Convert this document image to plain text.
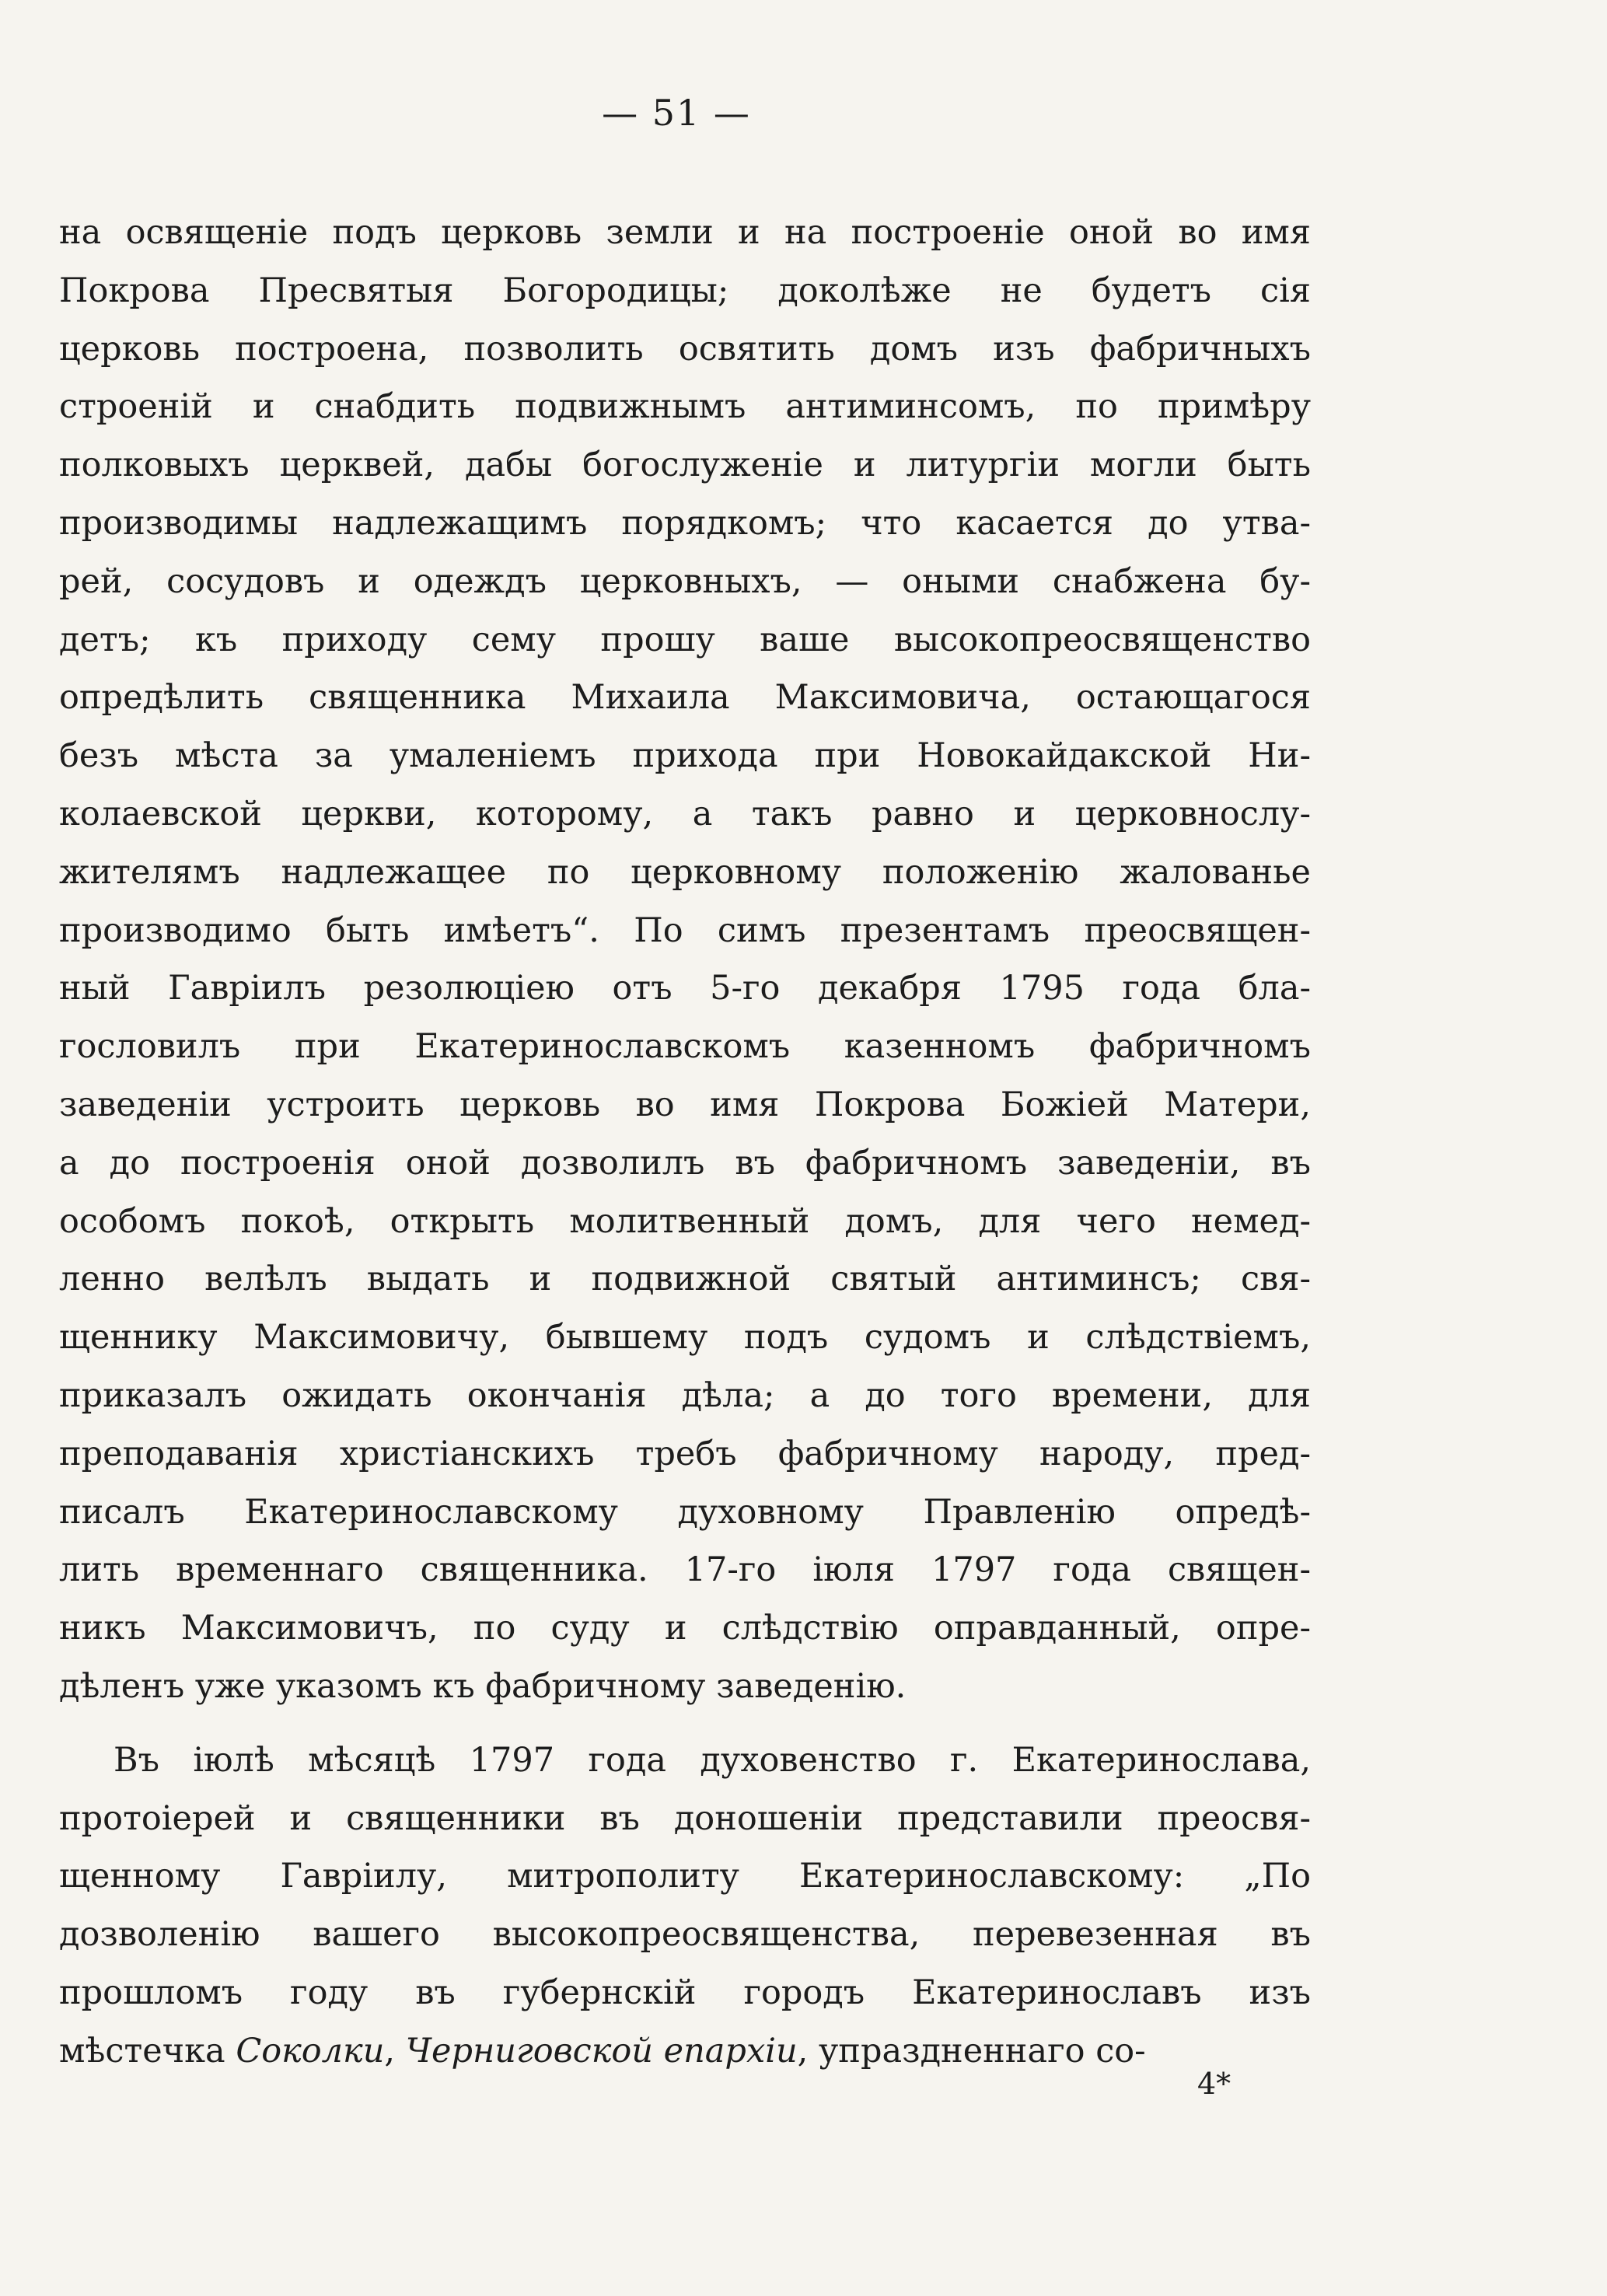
— 51 —
на освященіе подъ церковь земли и на построеніе оной во имя
Покрова Пресвятыя Богородицы; доколѣже не будетъ сія
церковь построена, позволить освятить домъ изъ фабричныхъ
строеній и снабдить подвижнымъ антиминсомъ, по примѣру
полковыхъ церквей, дабы богослуженіе и литургіи могли быть
производимы надлежащимъ порядкомъ; что касается до утва-
рей, сосудовъ и одеждъ церковныхъ, — оными снабжена бу-
детъ; къ приходу сему прошу ваше высокопреосвященство
опредѣлить священника Михаила Максимовича, остающагося
безъ мѣста за умаленіемъ прихода при Новокайдакской Ни-
колаевской церкви, которому, а такъ равно и церковнослу-
жителямъ надлежащее по церковному положенію жалованье
производимо быть имѣетъ“. По симъ презентамъ преосвящен-
ный Гавріилъ резолюціею отъ 5-го декабря 1795 года бла-
гословилъ при Екатеринославскомъ казенномъ фабричномъ
заведеніи устроить церковь во имя Покрова Божіей Матери,
а до построенія оной дозволилъ въ фабричномъ заведеніи, въ
особомъ покоѣ, открыть молитвенный домъ, для чего немед-
ленно велѣлъ выдать и подвижной святый антиминсъ; свя-
щеннику Максимовичу, бывшему подъ судомъ и слѣдствіемъ,
приказалъ ожидать окончанія дѣла; а до того времени, для
преподаванія христіанскихъ требъ фабричному народу, пред-
писалъ Екатеринославскому духовному Правленію опредѣ-
лить временнаго священника. 17-го іюля 1797 года священ-
никъ Максимовичъ, по суду и слѣдствію оправданный, опре-
дѣленъ уже указомъ къ фабричному заведенію.
Въ іюлѣ мѣсяцѣ 1797 года духовенство г. Екатеринослава,
протоіерей и священники въ доношеніи представили преосвя-
щенному Гавріилу, митрополиту Екатеринославскому: „По
дозволенію вашего высокопреосвященства, перевезенная въ
прошломъ году въ губернскій городъ Екатеринославъ изъ
мѣстечка Соколки, Черниговской епархіи, упраздненнаго со-
4*
